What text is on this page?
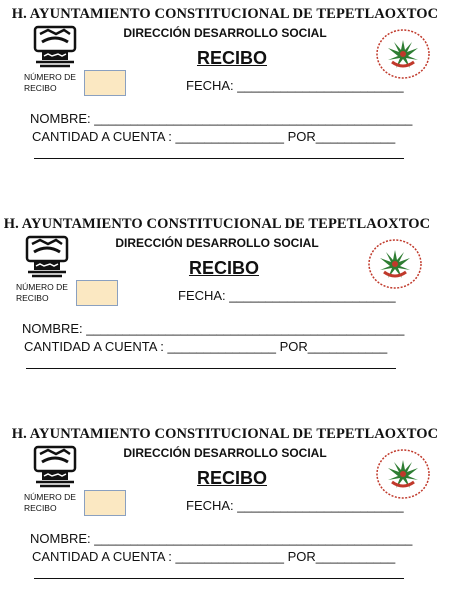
H. AYUNTAMIENTO CONSTITUCIONAL DE TEPETLAOXTOC
DIRECCIÓN DESARROLLO SOCIAL
RECIBO
NÚMERO DE RECIBO	FECHA: _______________________
NOMBRE: ____________________________________________
CANTIDAD A CUENTA : _______________ POR___________
H. AYUNTAMIENTO CONSTITUCIONAL DE TEPETLAOXTOC
DIRECCIÓN DESARROLLO SOCIAL
RECIBO
NÚMERO DE RECIBO	FECHA: _______________________
NOMBRE: ____________________________________________
CANTIDAD A CUENTA : _______________ POR___________
H. AYUNTAMIENTO CONSTITUCIONAL DE TEPETLAOXTOC
DIRECCIÓN DESARROLLO SOCIAL
RECIBO
NÚMERO DE RECIBO	FECHA: _______________________
NOMBRE: ____________________________________________
CANTIDAD A CUENTA : _______________ POR___________
